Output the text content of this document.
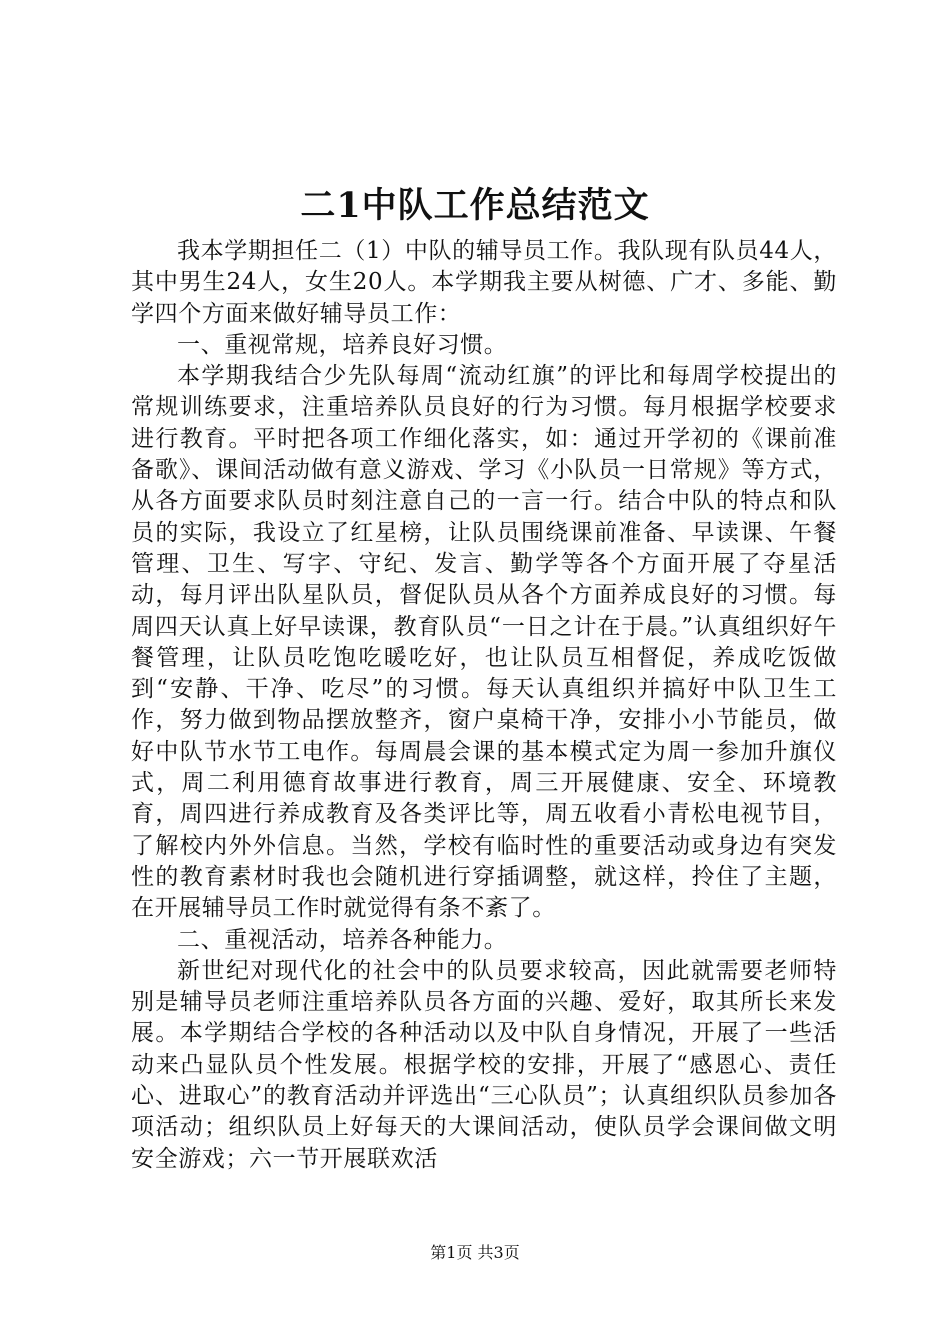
二1中队工作总结范文

我本学期担任二（1）中队的辅导员工作。我队现有队员44人，其中男生24人，女生20人。本学期我主要从树德、广才、多能、勤学四个方面来做好辅导员工作：

一、重视常规，培养良好习惯。

本学期我结合少先队每周“流动红旗”的评比和每周学校提出的常规训练要求，注重培养队员良好的行为习惯。每月根据学校要求进行教育。平时把各项工作细化落实，如：通过开学初的《课前准备歌》、课间活动做有意义游戏、学习《小队员一日常规》等方式，从各方面要求队员时刻注意自己的一言一行。结合中队的特点和队员的实际，我设立了红星榜，让队员围绕课前准备、早读课、午餐管理、卫生、写字、守纪、发言、勤学等各个方面开展了夺星活动，每月评出队星队员，督促队员从各个方面养成良好的习惯。每周四天认真上好早读课，教育队员“一日之计在于晨。”认真组织好午餐管理，让队员吃饱吃暖吃好，也让队员互相督促，养成吃饭做到“安静、干净、吃尽”的习惯。每天认真组织并搞好中队卫生工作，努力做到物品摆放整齐，窗户桌椅干净，安排小小节能员，做好中队节水节工电作。每周晨会课的基本模式定为周一参加升旗仪式，周二利用德育故事进行教育，周三开展健康、安全、环境教育，周四进行养成教育及各类评比等，周五收看小青松电视节目，了解校内外外信息。当然，学校有临时性的重要活动或身边有突发性的教育素材时我也会随机进行穿插调整，就这样，拎住了主题，在开展辅导员工作时就觉得有条不紊了。

二、重视活动，培养各种能力。

新世纪对现代化的社会中的队员要求较高，因此就需要老师特别是辅导员老师注重培养队员各方面的兴趣、爱好，取其所长来发展。本学期结合学校的各种活动以及中队自身情况，开展了一些活动来凸显队员个性发展。根据学校的安排，开展了“感恩心、责任心、进取心”的教育活动并评选出“三心队员”；认真组织队员参加各项活动；组织队员上好每天的大课间活动，使队员学会课间做文明安全游戏；六一节开展联欢活

第1页 共3页
